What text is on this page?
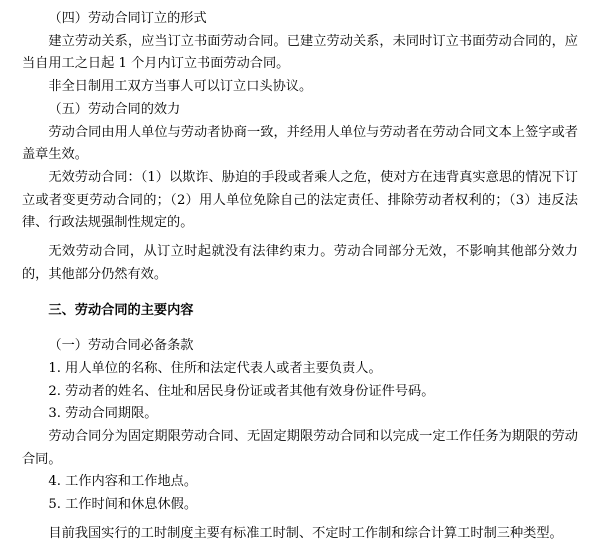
（四）劳动合同订立的形式

建立劳动关系，应当订立书面劳动合同。已建立劳动关系，未同时订立书面劳动合同的，应当自用工之日起 1 个月内订立书面劳动合同。

非全日制用工双方当事人可以订立口头协议。

（五）劳动合同的效力

劳动合同由用人单位与劳动者协商一致，并经用人单位与劳动者在劳动合同文本上签字或者盖章生效。

无效劳动合同：（1）以欺诈、胁迫的手段或者乘人之危，使对方在违背真实意思的情况下订立或者变更劳动合同的；（2）用人单位免除自己的法定责任、排除劳动者权利的；（3）违反法律、行政法规强制性规定的。

无效劳动合同，从订立时起就没有法律约束力。劳动合同部分无效，不影响其他部分效力的，其他部分仍然有效。

三、劳动合同的主要内容

（一）劳动合同必备条款

1. 用人单位的名称、住所和法定代表人或者主要负责人。

2. 劳动者的姓名、住址和居民身份证或者其他有效身份证件号码。

3. 劳动合同期限。

劳动合同分为固定期限劳动合同、无固定期限劳动合同和以完成一定工作任务为期限的劳动合同。

4. 工作内容和工作地点。

5. 工作时间和休息休假。

目前我国实行的工时制度主要有标准工时制、不定时工作制和综合计算工时制三种类型。
